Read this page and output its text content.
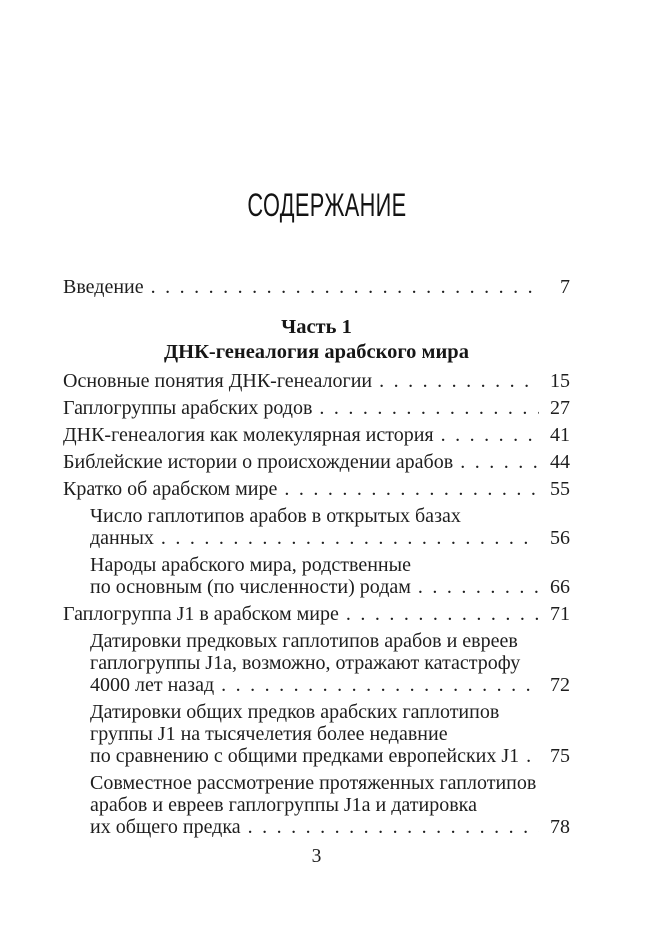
СОДЕРЖАНИЕ
Введение . . .	7
Часть 1
ДНК-генеалогия арабского мира
Основные понятия ДНК-генеалогии . . .	15
Гаплогруппы арабских родов . . .	27
ДНК-генеалогия как молекулярная история . . .	41
Библейские истории о происхождении арабов . . .	44
Кратко об арабском мире . . .	55
Число гаплотипов арабов в открытых базах
данных . . .	56
Народы арабского мира, родственные
по основным (по численности) родам . . .	66
Гаплогруппа J1 в арабском мире . . .	71
Датировки предковых гаплотипов арабов и евреев
гаплогруппы J1a, возможно, отражают катастрофу
4000 лет назад . . .	72
Датировки общих предков арабских гаплотипов
группы J1 на тысячелетия более недавние
по сравнению с общими предками европейских J1 . . .	75
Совместное рассмотрение протяженных гаплотипов
арабов и евреев гаплогруппы J1a и датировка
их общего предка . . .	78
3
